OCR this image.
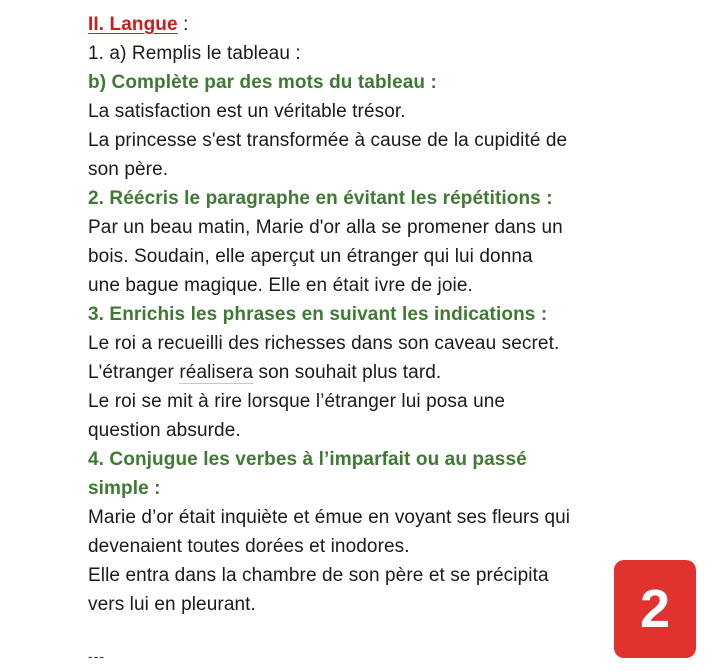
II. Langue :
1. a) Remplis le tableau :
b) Complète par des mots du tableau :
La satisfaction est un véritable trésor.
La princesse s'est transformée à cause de la cupidité de
son père.
2. Réécris le paragraphe en évitant les répétitions :
Par un beau matin, Marie d'or alla se promener dans un
bois. Soudain, elle aperçut un étranger qui lui donna
une bague magique. Elle en était ivre de joie.
3. Enrichis les phrases en suivant les indications :
Le roi a recueilli des richesses dans son caveau secret.
L'étranger réalisera son souhait plus tard.
Le roi se mit à rire lorsque l’étranger lui posa une
question absurde.
4. Conjugue les verbes à l’imparfait ou au passé
simple :
Marie d’or était inquiète et émue en voyant ses fleurs qui
devenaient toutes dorées et inodores.
Elle entra dans la chambre de son père et se précipita
vers lui en pleurant.	2
---
